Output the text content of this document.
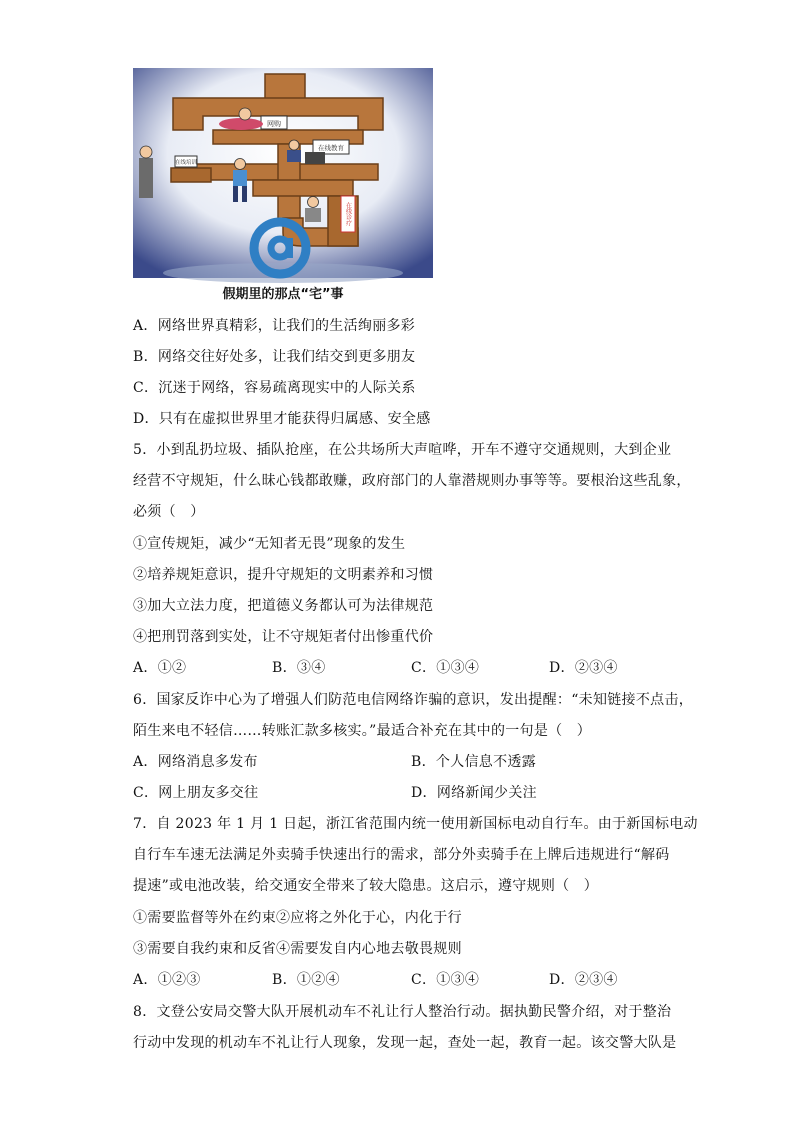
网购
在线教育
在线诊疗
在线培训
假期里的那点“宅”事
A．网络世界真精彩，让我们的生活绚丽多彩
B．网络交往好处多，让我们结交到更多朋友
C．沉迷于网络，容易疏离现实中的人际关系
D．只有在虚拟世界里才能获得归属感、安全感
5．小到乱扔垃圾、插队抢座，在公共场所大声喧哗，开车不遵守交通规则，大到企业
经营不守规矩，什么昧心钱都敢赚，政府部门的人靠潜规则办事等等。要根治这些乱象，
必须（　）
①宣传规矩，减少“无知者无畏”现象的发生
②培养规矩意识，提升守规矩的文明素养和习惯
③加大立法力度，把道德义务都认可为法律规范
④把刑罚落到实处，让不守规矩者付出惨重代价
A．①②	B．③④	C．①③④	D．②③④
6．国家反诈中心为了增强人们防范电信网络诈骗的意识，发出提醒：“未知链接不点击，
陌生来电不轻信……转账汇款多核实。”最适合补充在其中的一句是（　）
A．网络消息多发布	B．个人信息不透露
C．网上朋友多交往	D．网络新闻少关注
7．自 2023 年 1 月 1 日起，浙江省范围内统一使用新国标电动自行车。由于新国标电动
自行车车速无法满足外卖骑手快速出行的需求，部分外卖骑手在上牌后违规进行“解码
提速”或电池改装，给交通安全带来了较大隐患。这启示，遵守规则（　）
①需要监督等外在约束②应将之外化于心，内化于行
③需要自我约束和反省④需要发自内心地去敬畏规则
A．①②③	B．①②④	C．①③④	D．②③④
8．文登公安局交警大队开展机动车不礼让行人整治行动。据执勤民警介绍，对于整治
行动中发现的机动车不礼让行人现象，发现一起，查处一起，教育一起。该交警大队是
